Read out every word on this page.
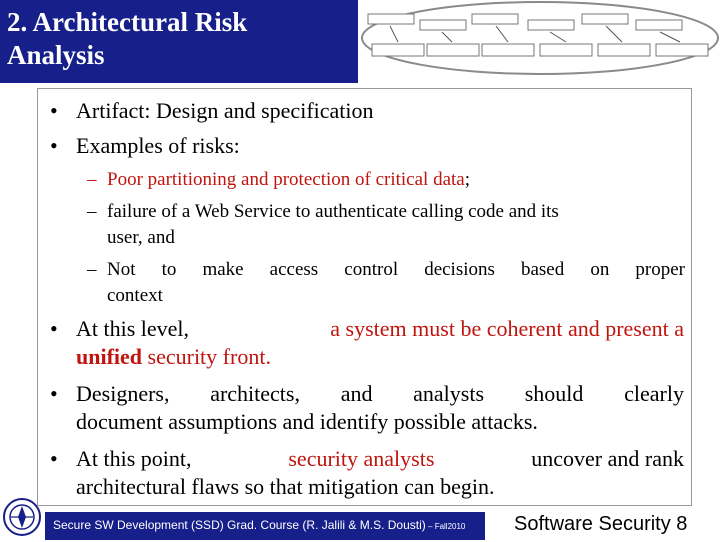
2. Architectural Risk
Analysis
• Artifact: Design and specification
• Examples of risks:
– Poor partitioning and protection of critical data;
– failure of a Web Service to authenticate calling code and its
user, and
– Not to make access control decisions based on proper
context
• At this level,	a system must be coherent and present a
unified security front.
• Designers, architects, and analysts should clearly
document assumptions and identify possible attacks.
• At this point,	security analysts	uncover and rank
architectural flaws so that mitigation can begin.
Secure SW Development (SSD) Grad. Course (R. Jalili & M.S. Dousti) – Fall2010 Software Security 8
